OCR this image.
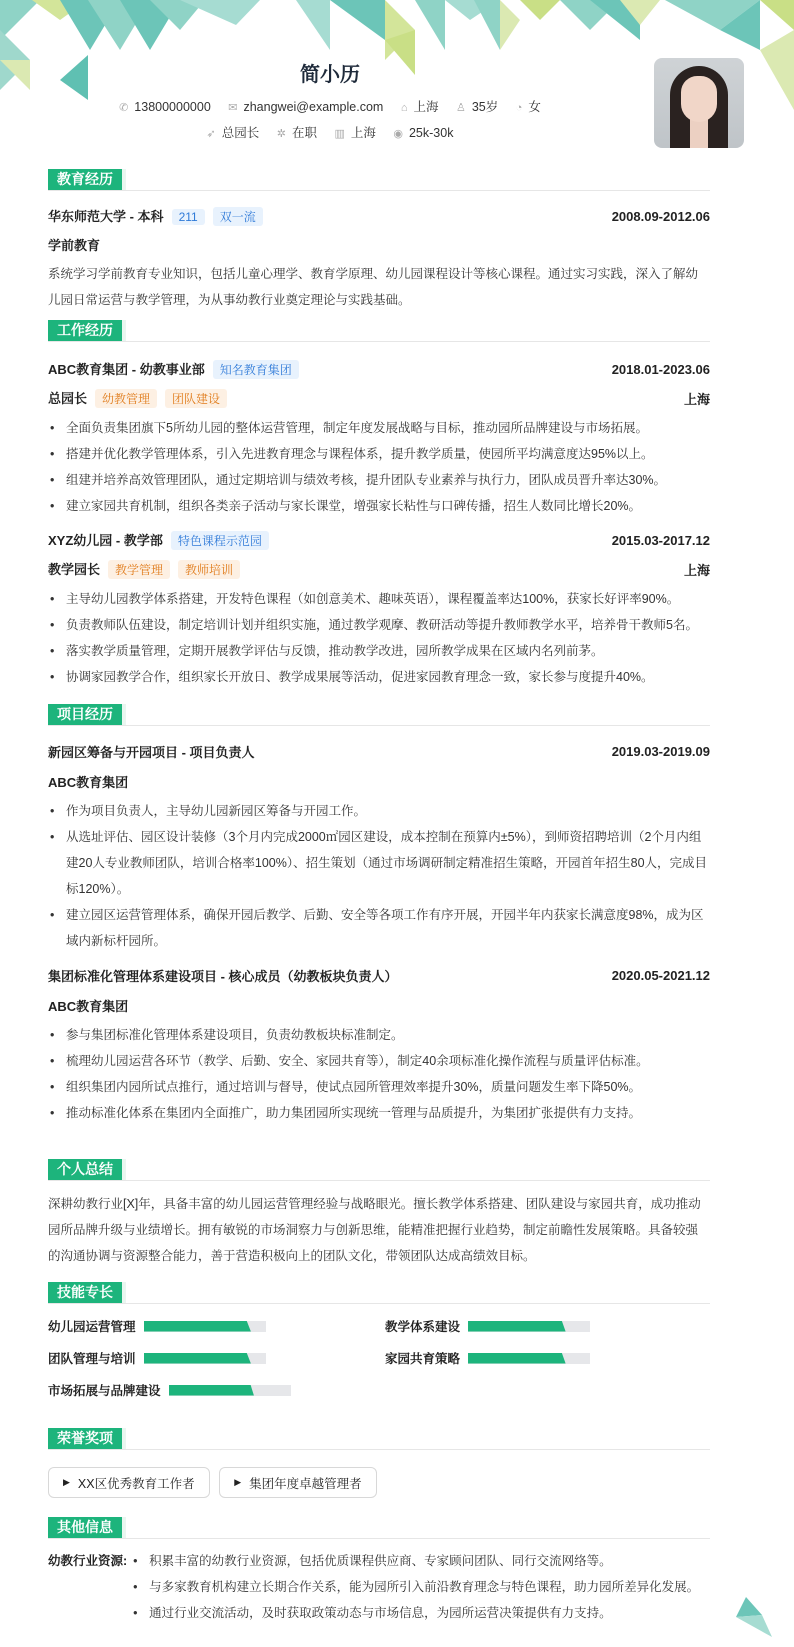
简小历
✆ 13800000000 ✉ zhangwei@example.com ⌂ 上海 ♙ 35岁 ◔ 女
➶ 总园长 ✲ 在职 ▥ 上海 ◉ 25k-30k
教育经历
华东师范大学 - 本科 211 双一流	2008.09-2012.06
学前教育
系统学习学前教育专业知识，包括儿童心理学、教育学原理、幼儿园课程设计等核心课程。通过实习实践，深入了解幼儿园日常运营与教学管理，为从事幼教行业奠定理论与实践基础。
工作经历
ABC教育集团 - 幼教事业部 知名教育集团	2018.01-2023.06
总园长 幼教管理 团队建设	上海
• 全面负责集团旗下5所幼儿园的整体运营管理，制定年度发展战略与目标，推动园所品牌建设与市场拓展。
• 搭建并优化教学管理体系，引入先进教育理念与课程体系，提升教学质量，使园所平均满意度达95%以上。
• 组建并培养高效管理团队，通过定期培训与绩效考核，提升团队专业素养与执行力，团队成员晋升率达30%。
• 建立家园共育机制，组织各类亲子活动与家长课堂，增强家长粘性与口碑传播，招生人数同比增长20%。
XYZ幼儿园 - 教学部 特色课程示范园	2015.03-2017.12
教学园长 教学管理 教师培训	上海
• 主导幼儿园教学体系搭建，开发特色课程（如创意美术、趣味英语），课程覆盖率达100%，获家长好评率90%。
• 负责教师队伍建设，制定培训计划并组织实施，通过教学观摩、教研活动等提升教师教学水平，培养骨干教师5名。
• 落实教学质量管理，定期开展教学评估与反馈，推动教学改进，园所教学成果在区域内名列前茅。
• 协调家园教学合作，组织家长开放日、教学成果展等活动，促进家园教育理念一致，家长参与度提升40%。
项目经历
新园区筹备与开园项目 - 项目负责人	2019.03-2019.09
ABC教育集团
• 作为项目负责人，主导幼儿园新园区筹备与开园工作。
• 从选址评估、园区设计装修（3个月内完成2000㎡园区建设，成本控制在预算内±5%），到师资招聘培训（2个月内组建20人专业教师团队，培训合格率100%）、招生策划（通过市场调研制定精准招生策略，开园首年招生80人，完成目标120%）。
• 建立园区运营管理体系，确保开园后教学、后勤、安全等各项工作有序开展，开园半年内获家长满意度98%，成为区域内新标杆园所。
集团标准化管理体系建设项目 - 核心成员（幼教板块负责人）	2020.05-2021.12
ABC教育集团
• 参与集团标准化管理体系建设项目，负责幼教板块标准制定。
• 梳理幼儿园运营各环节（教学、后勤、安全、家园共育等），制定40余项标准化操作流程与质量评估标准。
• 组织集团内园所试点推行，通过培训与督导，使试点园所管理效率提升30%，质量问题发生率下降50%。
• 推动标准化体系在集团内全面推广，助力集团园所实现统一管理与品质提升，为集团扩张提供有力支持。
个人总结
深耕幼教行业[X]年，具备丰富的幼儿园运营管理经验与战略眼光。擅长教学体系搭建、团队建设与家园共育，成功推动园所品牌升级与业绩增长。拥有敏锐的市场洞察力与创新思维，能精准把握行业趋势，制定前瞻性发展策略。具备较强的沟通协调与资源整合能力，善于营造积极向上的团队文化，带领团队达成高绩效目标。
技能专长
幼儿园运营管理	教学体系建设
团队管理与培训	家园共育策略
市场拓展与品牌建设
荣誉奖项
▶ XX区优秀教育工作者
	▶ 集团年度卓越管理者
其他信息
幼教行业资源:	• 积累丰富的幼教行业资源，包括优质课程供应商、专家顾问团队、同行交流网络等。
• 与多家教育机构建立长期合作关系，能为园所引入前沿教育理念与特色课程，助力园所差异化发展。
• 通过行业交流活动，及时获取政策动态与市场信息，为园所运营决策提供有力支持。
